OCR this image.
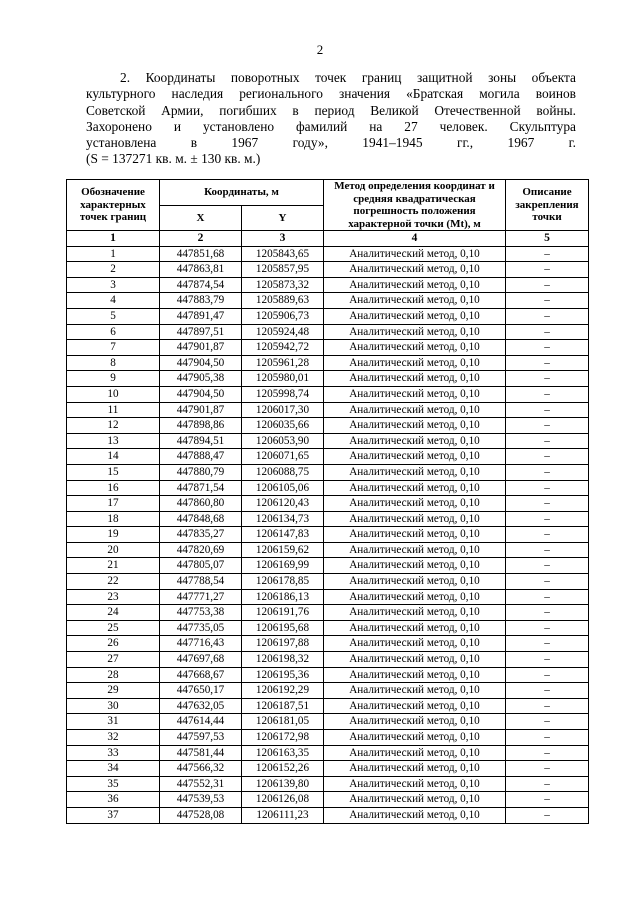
2
2. Координаты поворотных точек границ защитной зоны объекта
культурного наследия регионального значения «Братская могила воинов
Советской Армии, погибших в период Великой Отечественной войны.
Захоронено и установлено фамилий на 27 человек. Скульптура
установлена в 1967 году», 1941–1945 гг., 1967 г.
(S = 137271 кв. м. ± 130 кв. м.)
Обозначение характерных точек границ	Координаты, м		Метод определения координат и средняя квадратическая погрешность положения характерной точки (Mt), м	Описание закрепления точки
	X	Y		
1	2	3	4	5
1	447851,68	1205843,65	Аналитический метод, 0,10	–
2	447863,81	1205857,95	Аналитический метод, 0,10	–
3	447874,54	1205873,32	Аналитический метод, 0,10	–
4	447883,79	1205889,63	Аналитический метод, 0,10	–
5	447891,47	1205906,73	Аналитический метод, 0,10	–
6	447897,51	1205924,48	Аналитический метод, 0,10	–
7	447901,87	1205942,72	Аналитический метод, 0,10	–
8	447904,50	1205961,28	Аналитический метод, 0,10	–
9	447905,38	1205980,01	Аналитический метод, 0,10	–
10	447904,50	1205998,74	Аналитический метод, 0,10	–
11	447901,87	1206017,30	Аналитический метод, 0,10	–
12	447898,86	1206035,66	Аналитический метод, 0,10	–
13	447894,51	1206053,90	Аналитический метод, 0,10	–
14	447888,47	1206071,65	Аналитический метод, 0,10	–
15	447880,79	1206088,75	Аналитический метод, 0,10	–
16	447871,54	1206105,06	Аналитический метод, 0,10	–
17	447860,80	1206120,43	Аналитический метод, 0,10	–
18	447848,68	1206134,73	Аналитический метод, 0,10	–
19	447835,27	1206147,83	Аналитический метод, 0,10	–
20	447820,69	1206159,62	Аналитический метод, 0,10	–
21	447805,07	1206169,99	Аналитический метод, 0,10	–
22	447788,54	1206178,85	Аналитический метод, 0,10	–
23	447771,27	1206186,13	Аналитический метод, 0,10	–
24	447753,38	1206191,76	Аналитический метод, 0,10	–
25	447735,05	1206195,68	Аналитический метод, 0,10	–
26	447716,43	1206197,88	Аналитический метод, 0,10	–
27	447697,68	1206198,32	Аналитический метод, 0,10	–
28	447668,67	1206195,36	Аналитический метод, 0,10	–
29	447650,17	1206192,29	Аналитический метод, 0,10	–
30	447632,05	1206187,51	Аналитический метод, 0,10	–
31	447614,44	1206181,05	Аналитический метод, 0,10	–
32	447597,53	1206172,98	Аналитический метод, 0,10	–
33	447581,44	1206163,35	Аналитический метод, 0,10	–
34	447566,32	1206152,26	Аналитический метод, 0,10	–
35	447552,31	1206139,80	Аналитический метод, 0,10	–
36	447539,53	1206126,08	Аналитический метод, 0,10	–
37	447528,08	1206111,23	Аналитический метод, 0,10	–
